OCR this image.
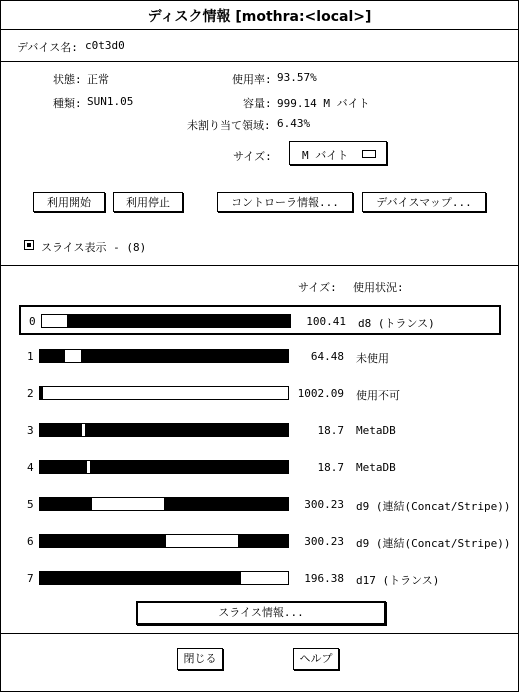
ディスク情報 [mothra:<local>]
デバイス名: c0t3d0
状態: 正常	使用率: 93.57%
種類: SUN1.05	容量: 999.14 M バイト
未割り当て領域: 6.43%
サイズ:	M バイト
利用開始	利用停止	コントローラ情報...	デバイスマップ...
スライス表示 - (8)
サイズ: 使用状況:
0	100.41 d8 (トランス)
1	64.48 未使用
2	1002.09 使用不可
3	18.7 MetaDB
4	18.7 MetaDB
5	300.23 d9 (連結(Concat/Stripe))
6	300.23 d9 (連結(Concat/Stripe))
7	196.38 d17 (トランス)
スライス情報...
閉じる	ヘルプ
